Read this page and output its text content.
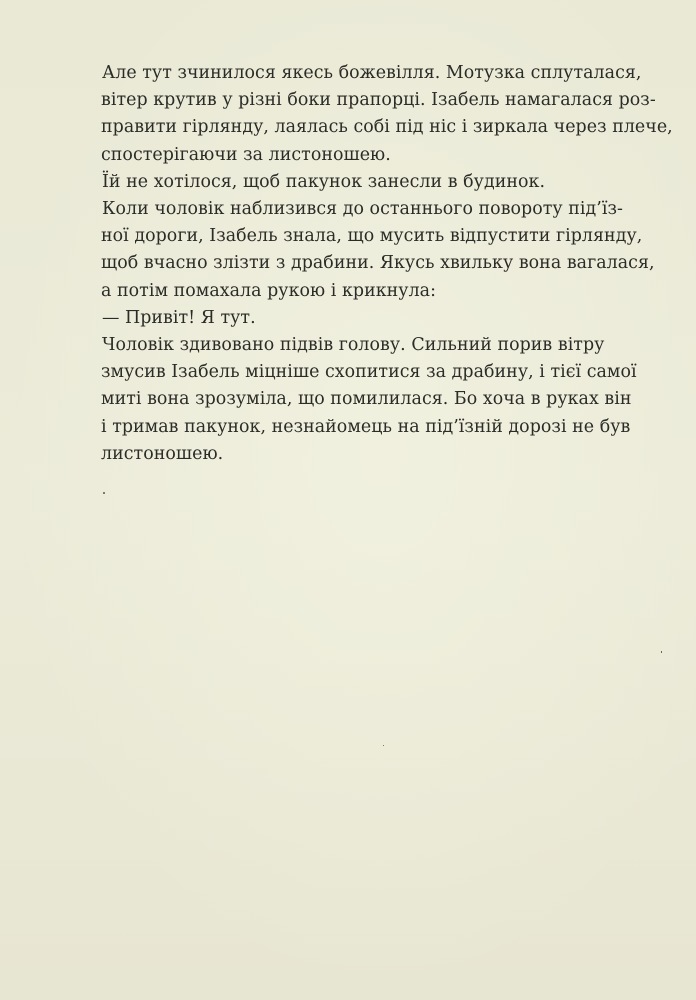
Але тут зчинилося якесь божевілля. Мотузка сплуталася,
вітер крутив у різні боки прапорці. Ізабель намагалася роз-
правити гірлянду, лаялась собі під ніс і зиркала через плече,
спостерігаючи за листоношею.

Їй не хотілося, щоб пакунок занесли в будинок.

Коли чоловік наблизився до останнього повороту під’їз-
ної дороги, Ізабель знала, що мусить відпустити гірлянду,
щоб вчасно злізти з драбини. Якусь хвильку вона вагалася,
а потім помахала рукою і крикнула:

— Привіт! Я тут.

Чоловік здивовано підвів голову. Сильний порив вітру
змусив Ізабель міцніше схопитися за драбину, і тієї самої
миті вона зрозуміла, що помилилася. Бо хоча в руках він
і тримав пакунок, незнайомець на під’їзній дорозі не був
листоношею.
